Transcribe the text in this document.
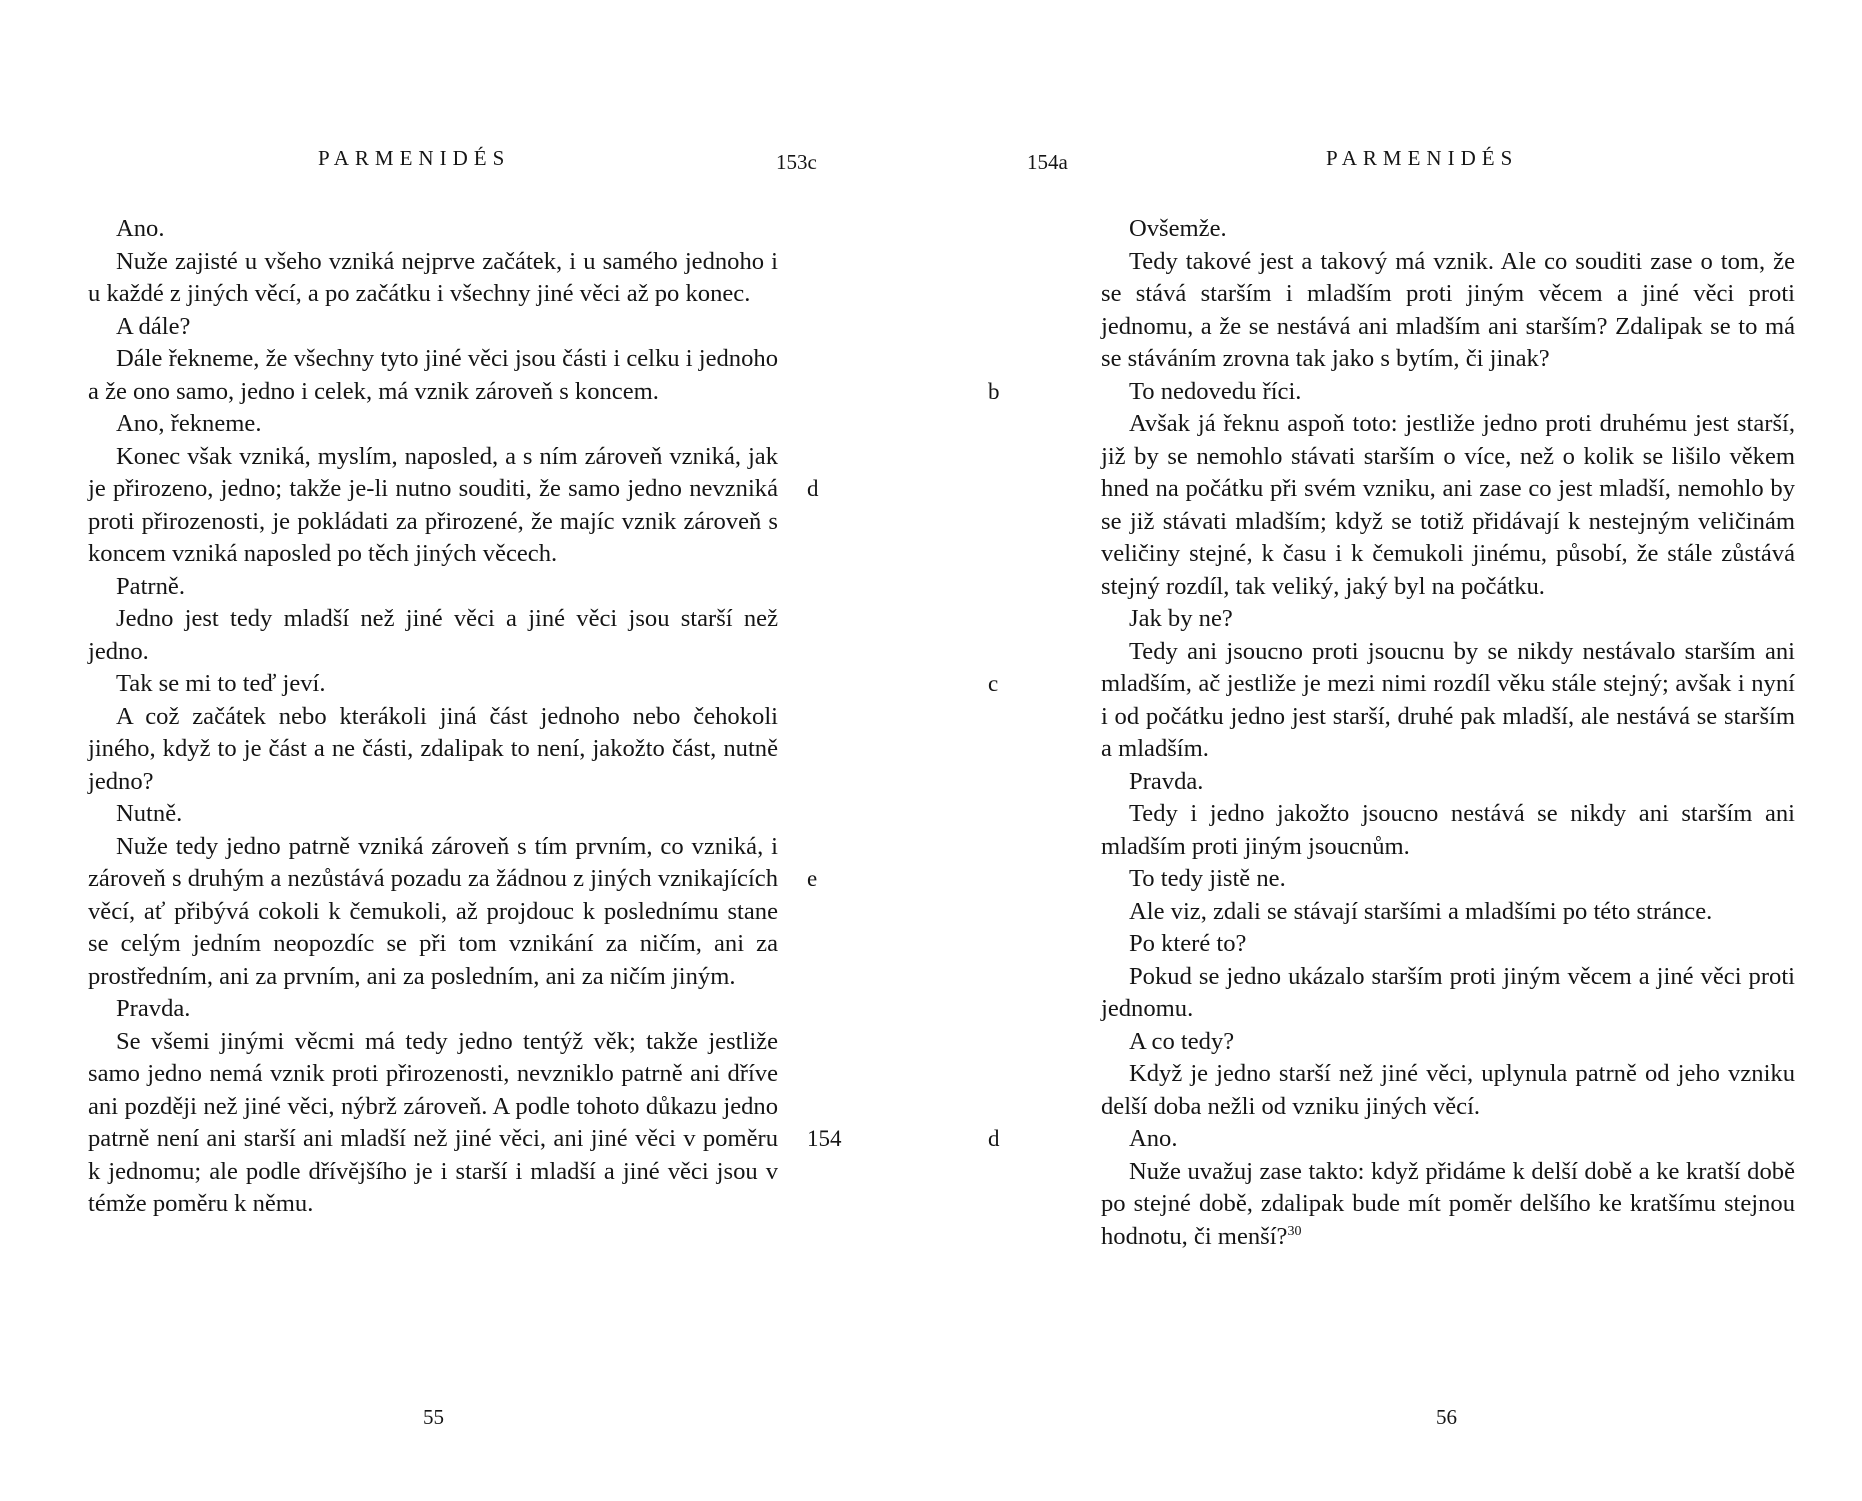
PARMENIDÉS	153c

Ano.

Nuže zajisté u všeho vzniká nejprve začátek, i u samého jednoho i u každé z jiných věcí, a po začátku i všechny jiné věci až po konec.

A dále?

Dále řekneme, že všechny tyto jiné věci jsou části i celku i jednoho a že ono samo, jedno i celek, má vznik zároveň s koncem.

Ano, řekneme.

Konec však vzniká, myslím, naposled, a s ním zároveň vzniká, jak je přirozeno, jedno; takže je-li nutno souditi, že samo jedno nevzniká proti přirozenosti, je pokládati za přirozené, že majíc vznik zároveň s koncem vzniká naposled po těch jiných věcech.

d

Patrně.

Jedno jest tedy mladší než jiné věci a jiné věci jsou starší než jedno.

Tak se mi to teď jeví.

A což začátek nebo kterákoli jiná část jednoho nebo čehokoli jiného, když to je část a ne části, zdalipak to není, jakožto část, nutně jedno?

Nutně.

Nuže tedy jedno patrně vzniká zároveň s tím prvním, co vzniká, i zároveň s druhým a nezůstává pozadu za žádnou z jiných vznikajících věcí, ať přibývá cokoli k čemukoli, až projdouc k poslednímu stane se celým jedním neopozdíc se při tom vznikání za ničím, ani za prostředním, ani za prvním, ani za posledním, ani za ničím jiným.

e

Pravda.

Se všemi jinými věcmi má tedy jedno tentýž věk; takže jestliže samo jedno nemá vznik proti přirozenosti, nevzniklo patrně ani dříve ani později než jiné věci, nýbrž zároveň. A podle tohoto důkazu jedno patrně není ani starší ani mladší než jiné věci, ani jiné věci v poměru k jednomu; ale podle dřívějšího je i starší i mladší a jiné věci jsou v témže poměru k němu.

154
55
154a	PARMENIDÉS

Ovšemže.

Tedy takové jest a takový má vznik. Ale co souditi zase o tom, že se stává starším i mladším proti jiným věcem a jiné věci proti jednomu, a že se nestává ani mladším ani starším? Zdalipak se to má se stáváním zrovna tak jako s bytím, či jinak?

To nedovedu říci.

b

Avšak já řeknu aspoň toto: jestliže jedno proti druhému jest starší, již by se nemohlo stávati starším o více, než o kolik se lišilo věkem hned na počátku při svém vzniku, ani zase co jest mladší, nemohlo by se již stávati mladším; když se totiž přidávají k nestejným veličinám veličiny stejné, k času i k čemukoli jinému, působí, že stále zůstává stejný rozdíl, tak veliký, jaký byl na počátku.

Jak by ne?

Tedy ani jsoucno proti jsoucnu by se nikdy nestávalo starším ani mladším, ač jestliže je mezi nimi rozdíl věku stále stejný; avšak i nyní i od počátku jedno jest starší, druhé pak mladší, ale nestává se starším a mladším.

c

Pravda.

Tedy i jedno jakožto jsoucno nestává se nikdy ani starším ani mladším proti jiným jsoucnům.

To tedy jistě ne.

Ale viz, zdali se stávají staršími a mladšími po této stránce.

Po které to?

Pokud se jedno ukázalo starším proti jiným věcem a jiné věci proti jednomu.

A co tedy?

Když je jedno starší než jiné věci, uplynula patrně od jeho vzniku delší doba nežli od vzniku jiných věcí.

Ano.

d

Nuže uvažuj zase takto: když přidáme k delší době a ke kratší době po stejné době, zdalipak bude mít poměr delšího ke kratšímu stejnou hodnotu, či menší?$^{30}$

56
